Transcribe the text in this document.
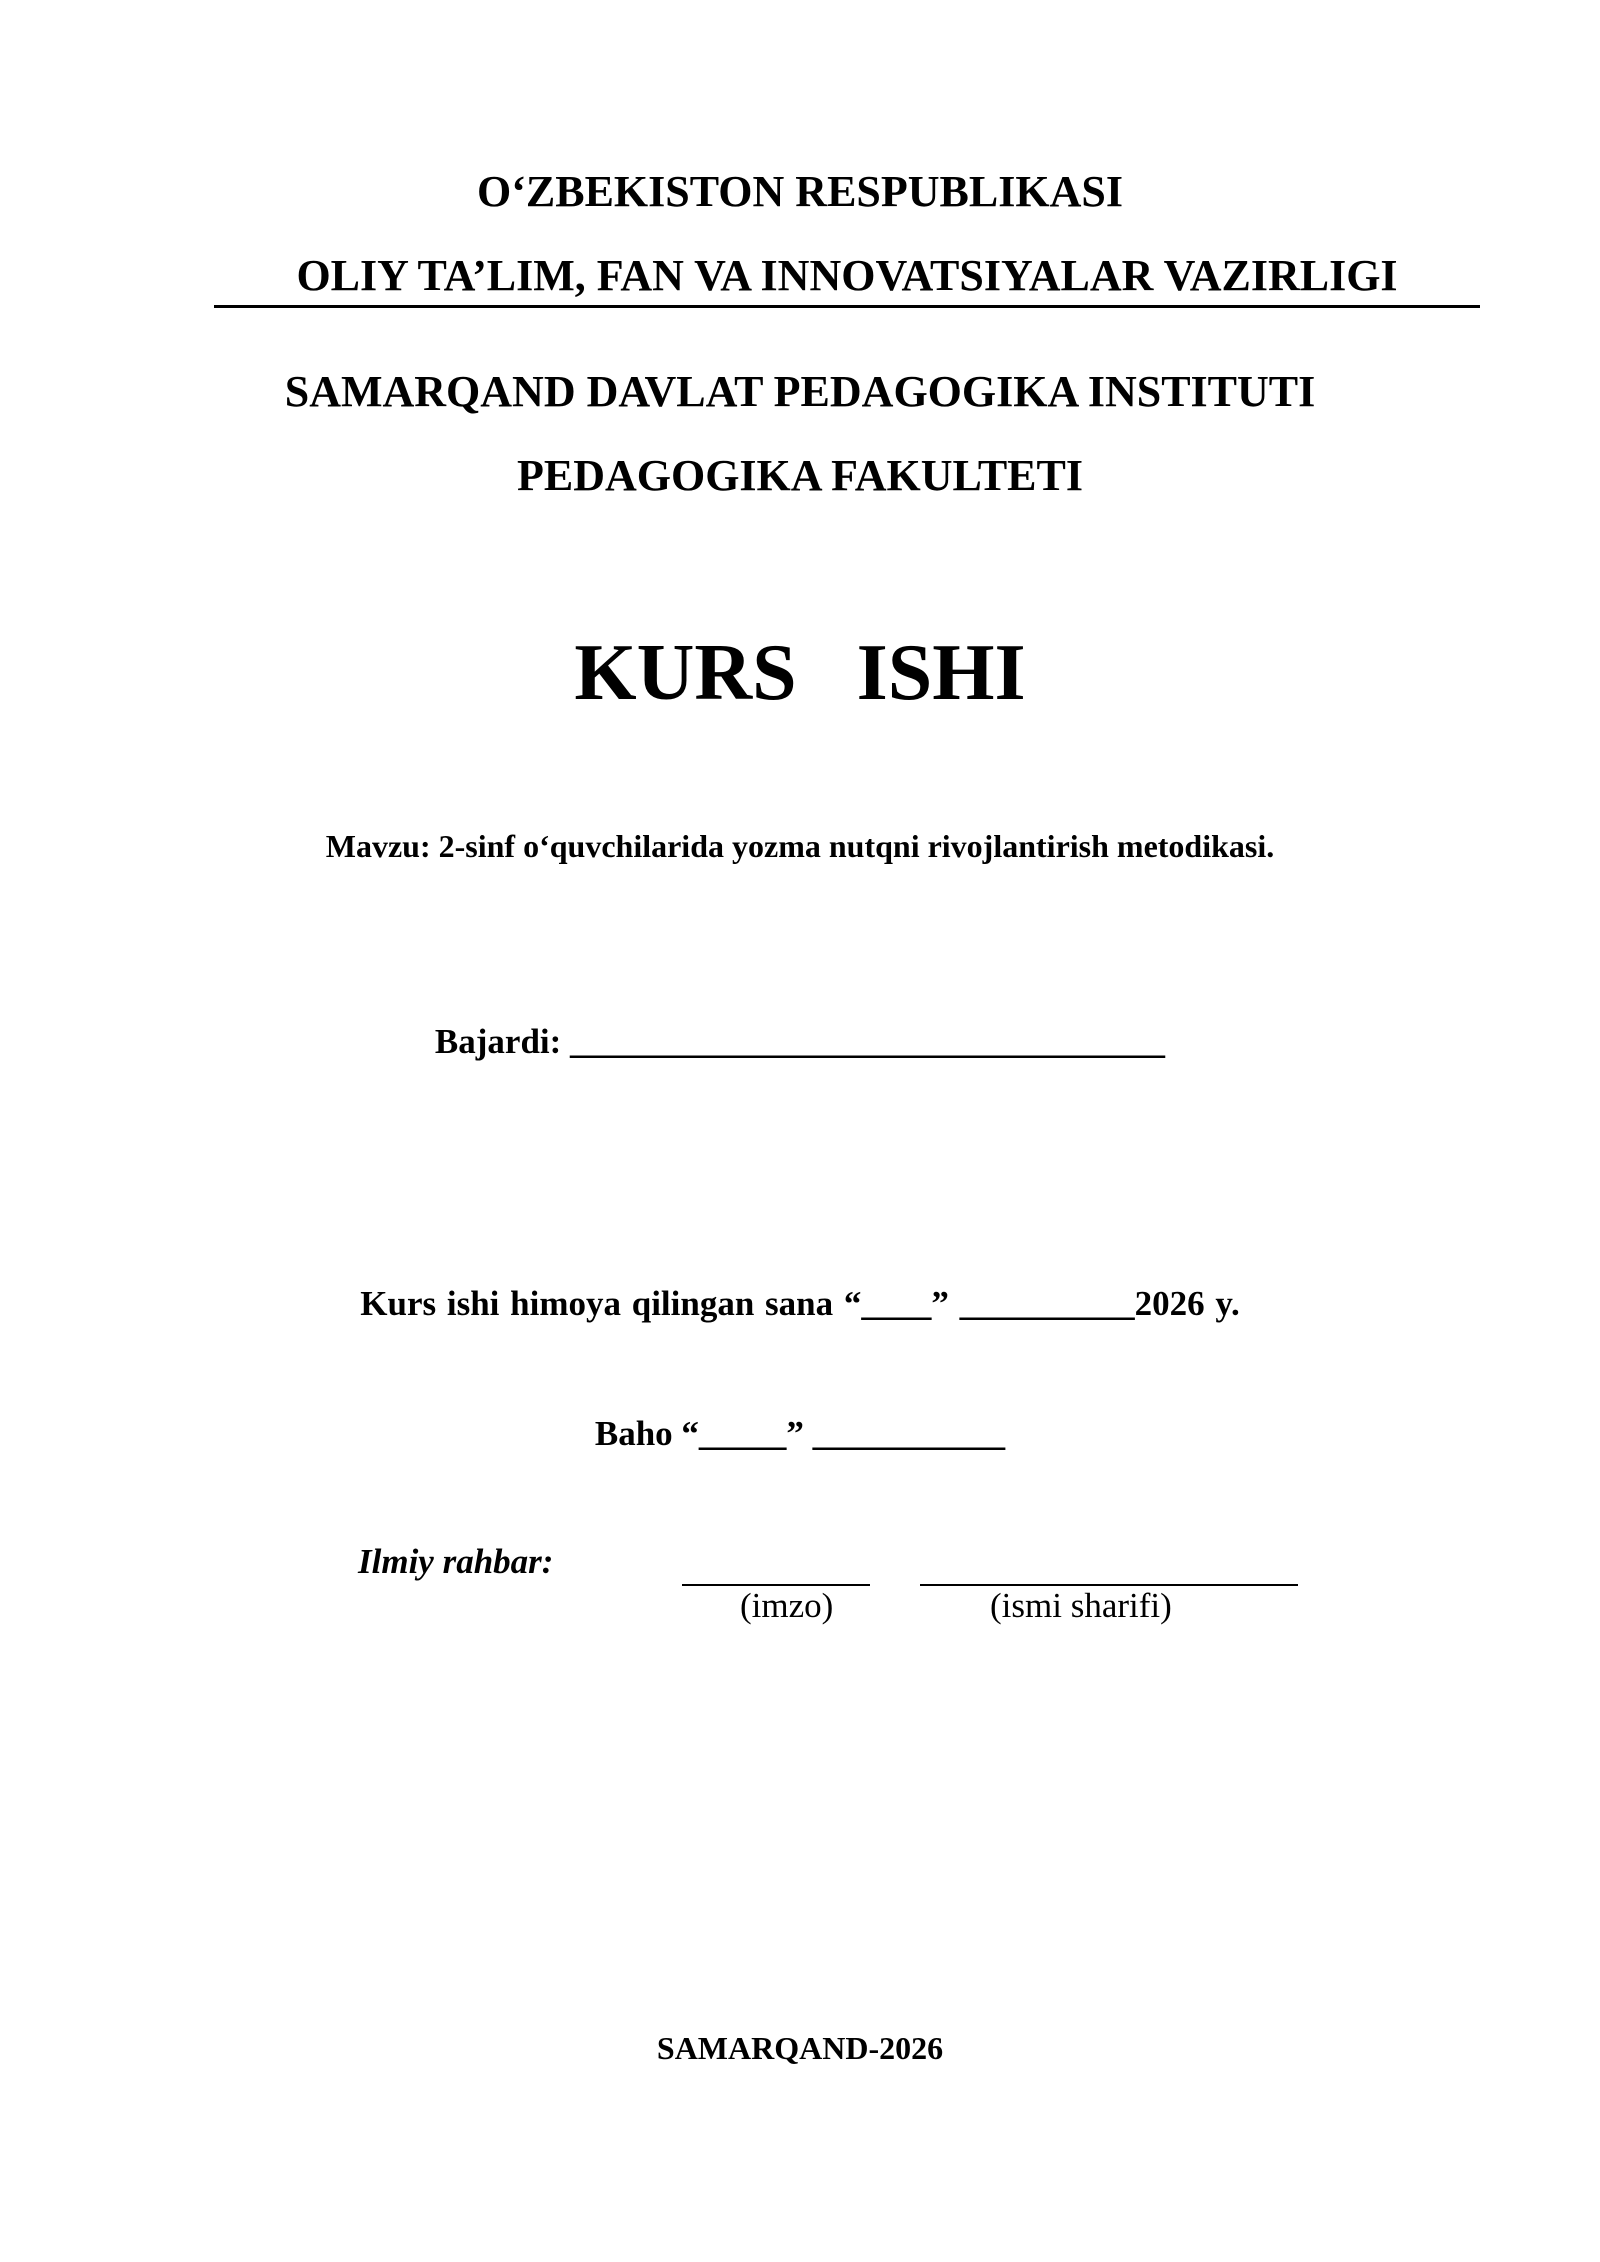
O‘ZBEKISTON RESPUBLIKASI
OLIY TA’LIM, FAN VA INNOVATSIYALAR VAZIRLIGI
SAMARQAND DAVLAT PEDAGOGIKA INSTITUTI
PEDAGOGIKA FAKULTETI
KURS ISHI
Mavzu: 2-sinf o‘quvchilarida yozma nutqni rivojlantirish metodikasi.
Bajardi: __________________________________
Kurs ishi himoya qilingan sana “____” __________2026 y.
Baho “_____” ___________
Ilmiy rahbar:
(imzo)	(ismi sharifi)
SAMARQAND-2026
